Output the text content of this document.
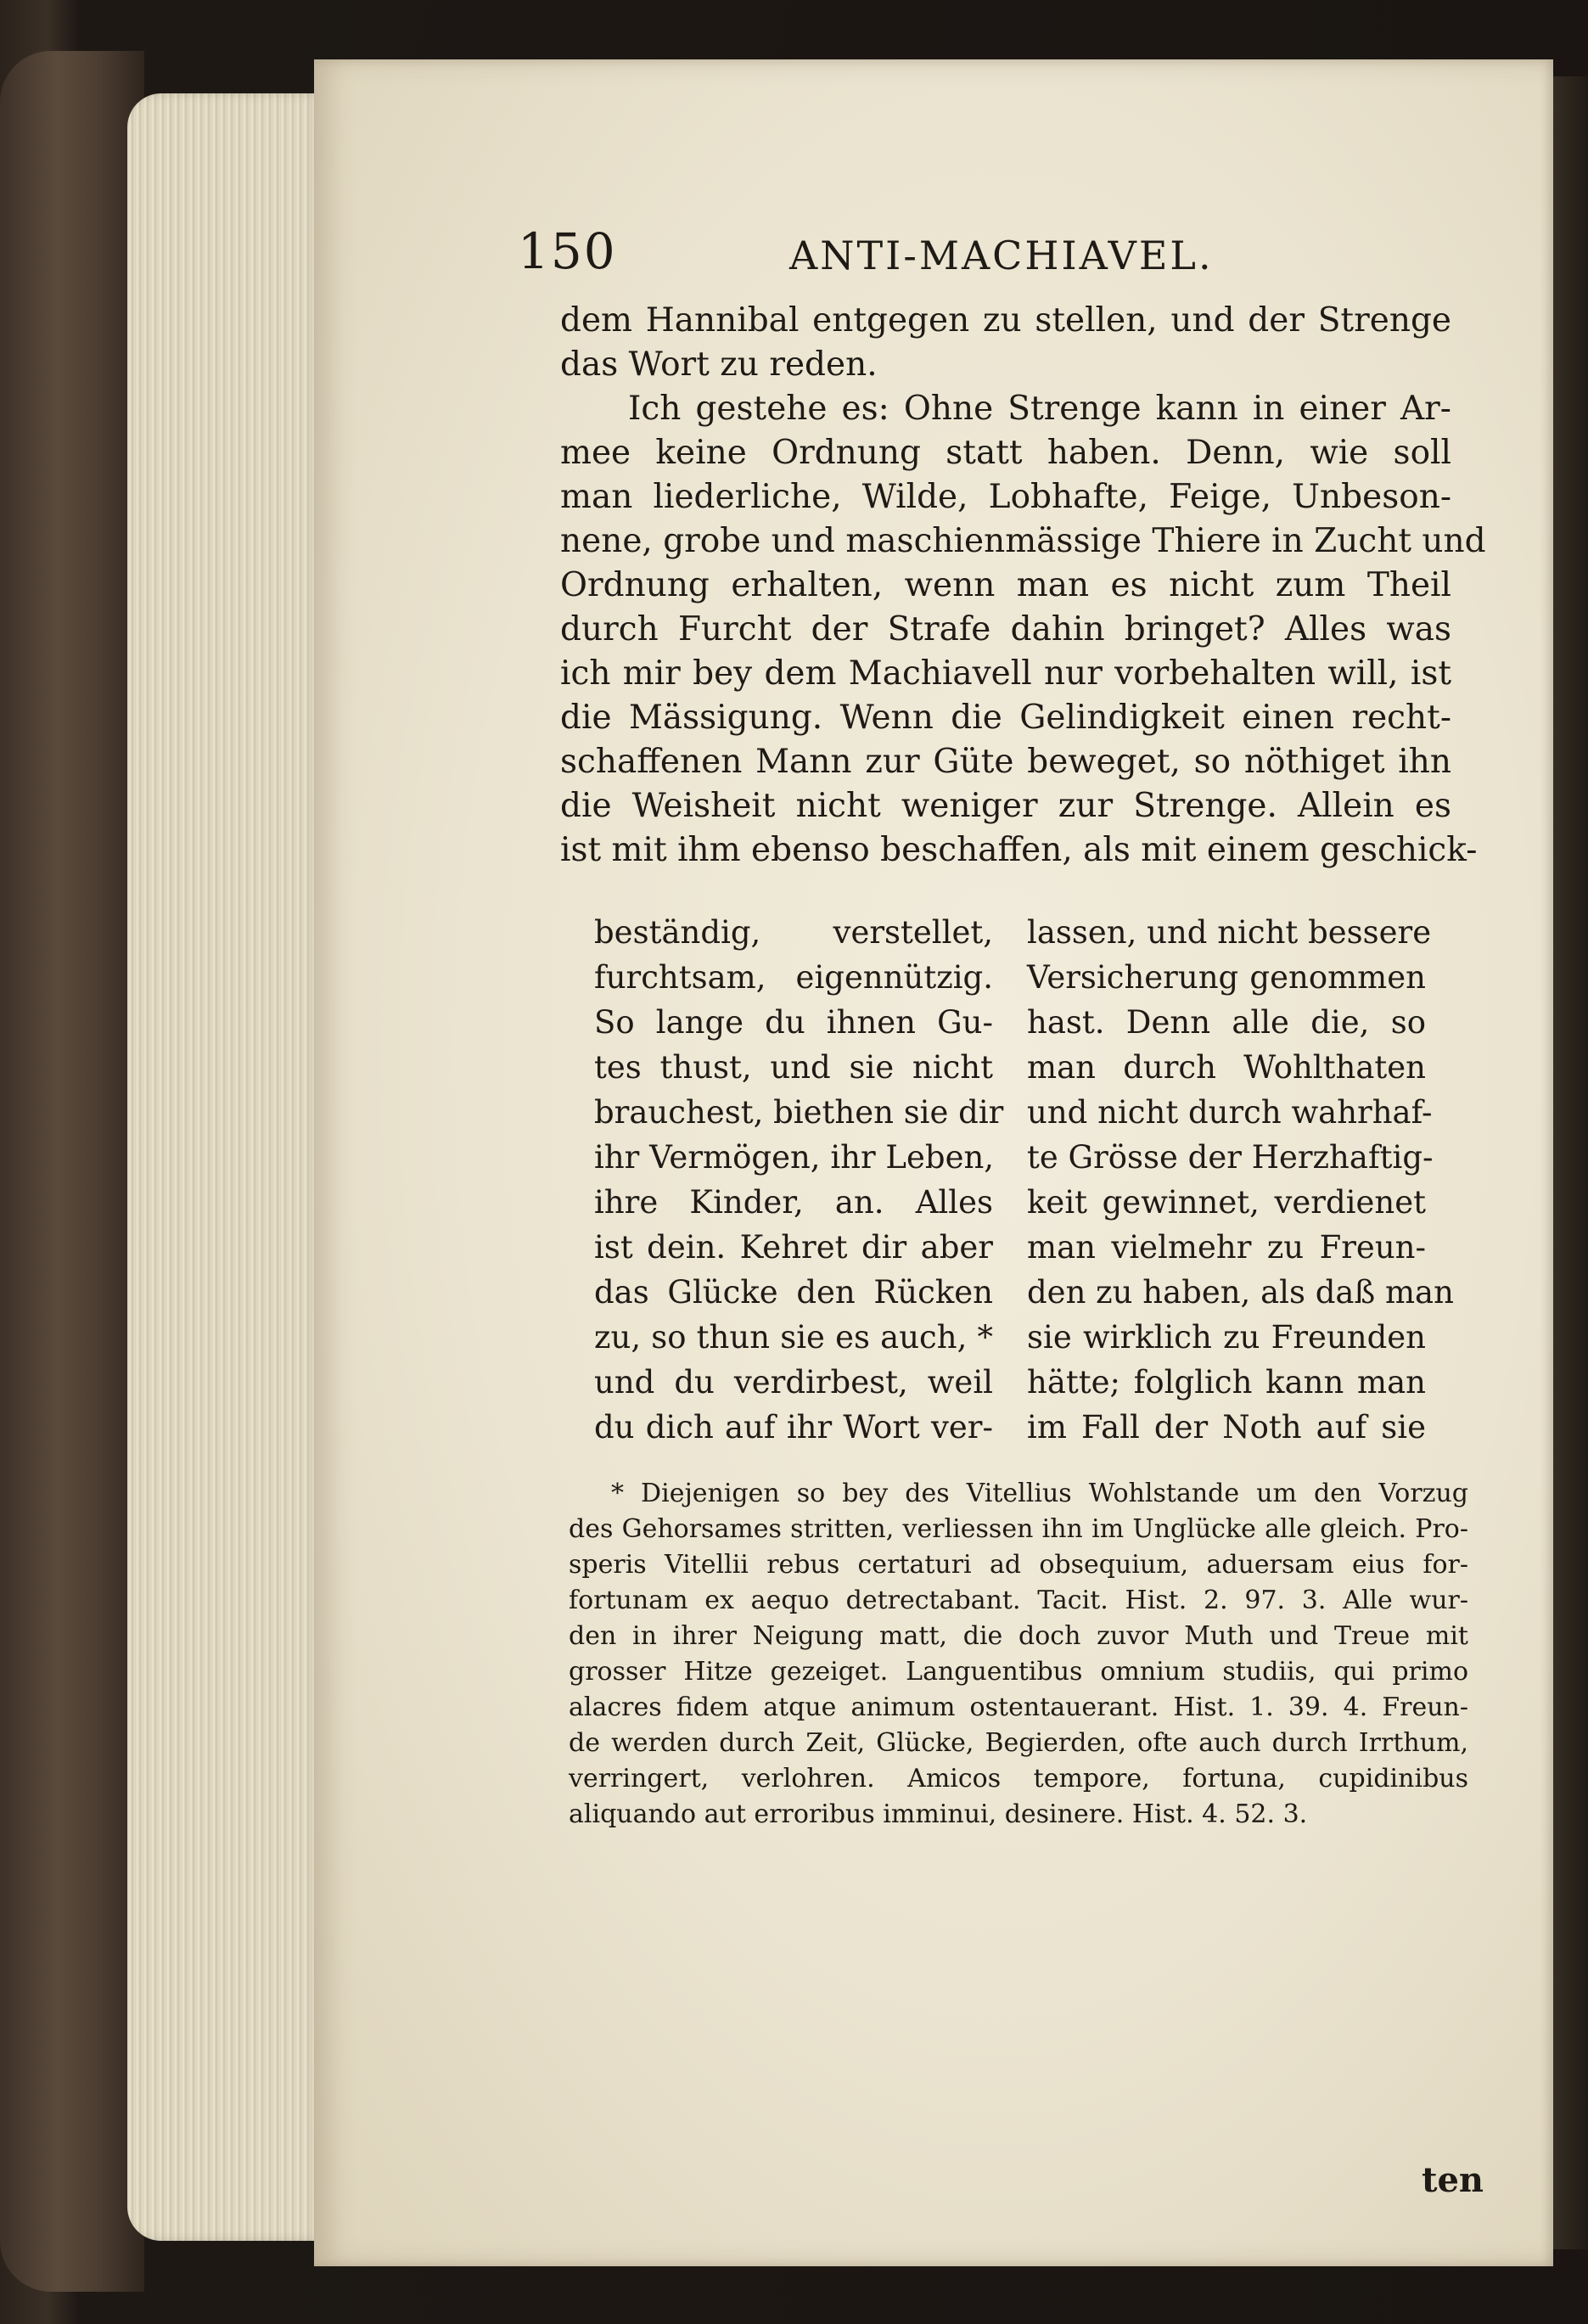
150	ANTI-MACHIAVEL.
dem Hannibal entgegen zu stellen, und der Strenge
das Wort zu reden.
Ich gestehe es: Ohne Strenge kann in einer Ar-
mee keine Ordnung statt haben. Denn, wie soll
man liederliche, Wilde, Lobhafte, Feige, Unbeson-
nene, grobe und maschienmässige Thiere in Zucht und
Ordnung erhalten, wenn man es nicht zum Theil
durch Furcht der Strafe dahin bringet? Alles was
ich mir bey dem Machiavell nur vorbehalten will, ist
die Mässigung. Wenn die Gelindigkeit einen recht-
schaffenen Mann zur Güte beweget, so nöthiget ihn
die Weisheit nicht weniger zur Strenge. Allein es
ist mit ihm ebenso beschaffen, als mit einem geschick-
beständig, verstellet,
furchtsam, eigennützig.
So lange du ihnen Gu-
tes thust, und sie nicht
brauchest, biethen sie dir
ihr Vermögen, ihr Leben,
ihre Kinder, an. Alles
ist dein. Kehret dir aber
das Glücke den Rücken
zu, so thun sie es auch, *
und du verdirbest, weil
du dich auf ihr Wort ver-
lassen, und nicht bessere
Versicherung genommen
hast. Denn alle die, so
man durch Wohlthaten
und nicht durch wahrhaf-
te Grösse der Herzhaftig-
keit gewinnet, verdienet
man vielmehr zu Freun-
den zu haben, als daß man
sie wirklich zu Freunden
hätte; folglich kann man
im Fall der Noth auf sie
* Diejenigen so bey des Vitellius Wohlstande um den Vorzug
des Gehorsames stritten, verliessen ihn im Unglücke alle gleich. Pro-
speris Vitellii rebus certaturi ad obsequium, aduersam eius for-
fortunam ex aequo detrectabant. Tacit. Hist. 2. 97. 3. Alle wur-
den in ihrer Neigung matt, die doch zuvor Muth und Treue mit
grosser Hitze gezeiget. Languentibus omnium studiis, qui primo
alacres fidem atque animum ostentauerant. Hist. 1. 39. 4. Freun-
de werden durch Zeit, Glücke, Begierden, ofte auch durch Irrthum,
verringert, verlohren. Amicos tempore, fortuna, cupidinibus
aliquando aut erroribus imminui, desinere. Hist. 4. 52. 3.
ten
